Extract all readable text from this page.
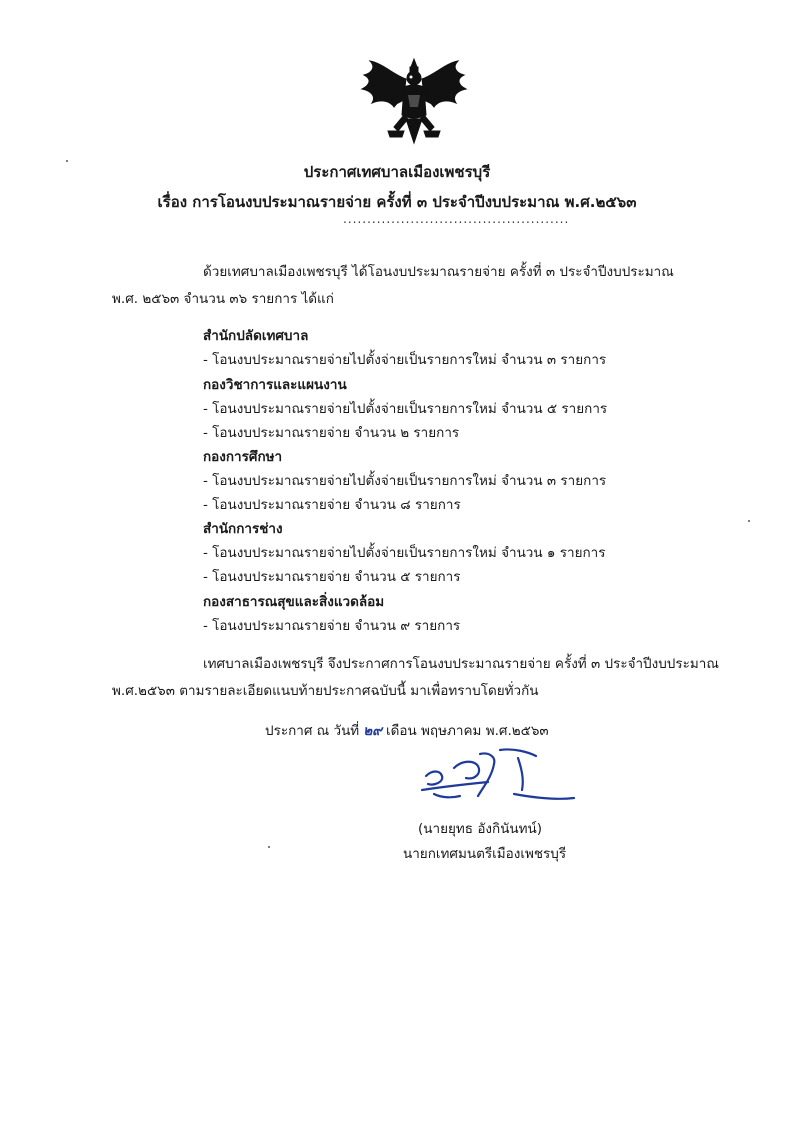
ประกาศเทศบาลเมืองเพชรบุรี
เรื่อง การโอนงบประมาณรายจ่าย ครั้งที่ ๓ ประจำปีงบประมาณ พ.ศ.๒๕๖๓
...............................................
ด้วยเทศบาลเมืองเพชรบุรี ได้โอนงบประมาณรายจ่าย ครั้งที่ ๓ ประจำปีงบประมาณ
พ.ศ. ๒๕๖๓ จำนวน ๓๖ รายการ ได้แก่
สำนักปลัดเทศบาล
- โอนงบประมาณรายจ่ายไปตั้งจ่ายเป็นรายการใหม่ จำนวน ๓ รายการ
กองวิชาการและแผนงาน
- โอนงบประมาณรายจ่ายไปตั้งจ่ายเป็นรายการใหม่ จำนวน ๕ รายการ
- โอนงบประมาณรายจ่าย จำนวน ๒ รายการ
กองการศึกษา
- โอนงบประมาณรายจ่ายไปตั้งจ่ายเป็นรายการใหม่ จำนวน ๓ รายการ
- โอนงบประมาณรายจ่าย จำนวน ๘ รายการ
สำนักการช่าง
- โอนงบประมาณรายจ่ายไปตั้งจ่ายเป็นรายการใหม่ จำนวน ๑ รายการ
- โอนงบประมาณรายจ่าย จำนวน ๕ รายการ
กองสาธารณสุขและสิ่งแวดล้อม
- โอนงบประมาณรายจ่าย จำนวน ๙ รายการ
เทศบาลเมืองเพชรบุรี จึงประกาศการโอนงบประมาณรายจ่าย ครั้งที่ ๓ ประจำปีงบประมาณ
พ.ศ.๒๕๖๓ ตามรายละเอียดแนบท้ายประกาศฉบับนี้ มาเพื่อทราบโดยทั่วกัน
ประกาศ ณ วันที่ ๒๙ เดือน พฤษภาคม พ.ศ.๒๕๖๓
(นายยุทธ อังกินันทน์)
นายกเทศมนตรีเมืองเพชรบุรี
